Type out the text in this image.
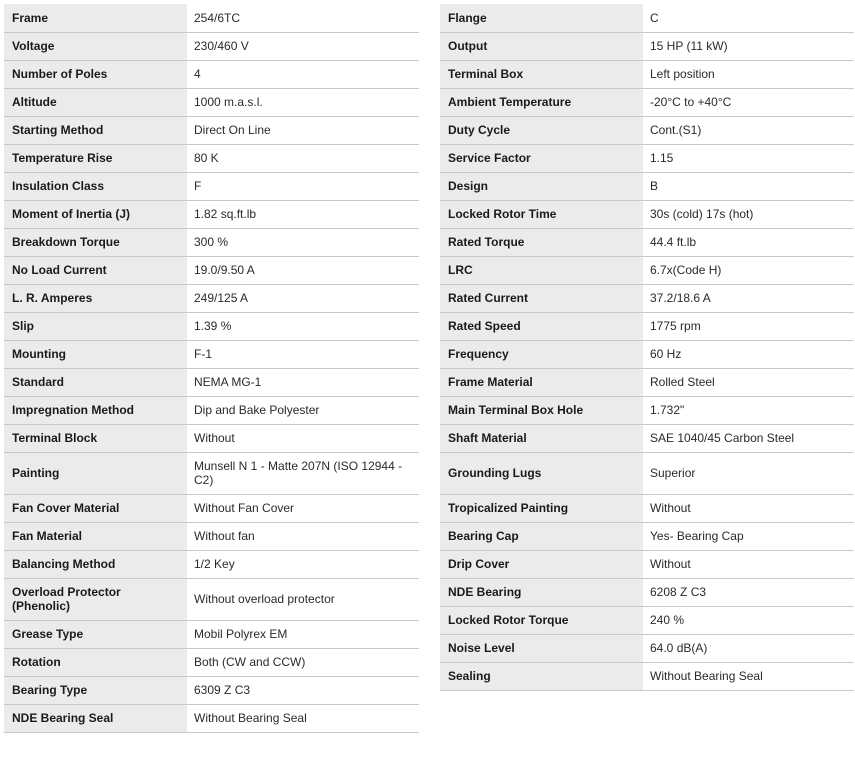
Frame	254/6TC
Voltage	230/460 V
Number of Poles	4
Altitude	1000 m.a.s.l.
Starting Method	Direct On Line
Temperature Rise	80 K
Insulation Class	F
Moment of Inertia (J)	1.82 sq.ft.lb
Breakdown Torque	300 %
No Load Current	19.0/9.50 A
L. R. Amperes	249/125 A
Slip	1.39 %
Mounting	F-1
Standard	NEMA MG-1
Impregnation Method	Dip and Bake Polyester
Terminal Block	Without
Painting	Munsell N 1 - Matte 207N (ISO 12944 - C2)
Fan Cover Material	Without Fan Cover
Fan Material	Without fan
Balancing Method	1/2 Key
Overload Protector (Phenolic)	Without overload protector
Grease Type	Mobil Polyrex EM
Rotation	Both (CW and CCW)
Bearing Type	6309 Z C3
NDE Bearing Seal	Without Bearing Seal
Flange	C
Output	15 HP (11 kW)
Terminal Box	Left position
Ambient Temperature	-20°C to +40°C
Duty Cycle	Cont.(S1)
Service Factor	1.15
Design	B
Locked Rotor Time	30s (cold) 17s (hot)
Rated Torque	44.4 ft.lb
LRC	6.7x(Code H)
Rated Current	37.2/18.6 A
Rated Speed	1775 rpm
Frequency	60 Hz
Frame Material	Rolled Steel
Main Terminal Box Hole	1.732"
Shaft Material	SAE 1040/45 Carbon Steel
Grounding Lugs	Superior
Tropicalized Painting	Without
Bearing Cap	Yes- Bearing Cap
Drip Cover	Without
NDE Bearing	6208 Z C3
Locked Rotor Torque	240 %
Noise Level	64.0 dB(A)
Sealing	Without Bearing Seal
